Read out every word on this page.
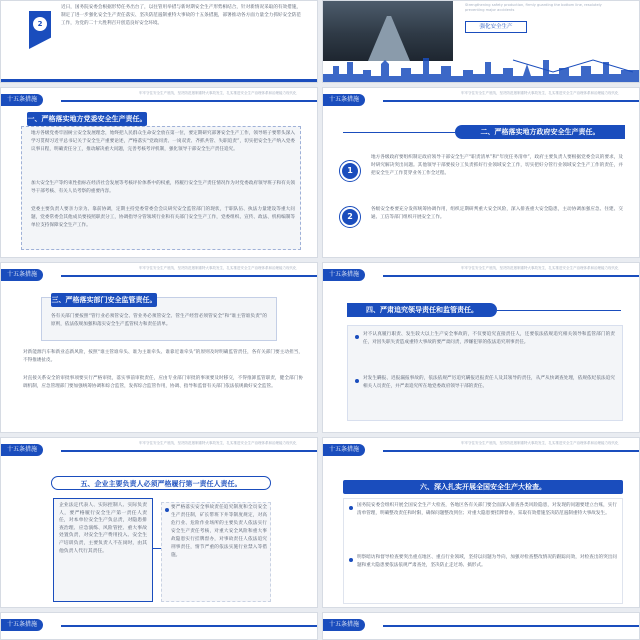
2

近日，国务院安委会根据形势任务出台了，以往管用举措与新时期安全生产形势相结合，针对新情况采取的有效措施，制定了进一步强化安全生产责任落实、坚决防范遏制重特大事故的十五条措施，部署推动各方面力量全力抓好安全防范工作，为党的二十大胜利召开创造良好安全环境。

Strengthening safety production, firmly guarding the bottom line, resolutely preventing major accidents

强化安全生产
十五条措施
牢牢守住安全生产底线，坚决防范遏制重特大事故发生，扎实推进安全生产治理体系和治理能力现代化
一、严格落实地方党委安全生产责任。

地方各级党委牢固树立安全发展理念，始终把人民群众生命安全放在第一位，要定期研究部署安全生产工作，领导班子要带头深入学习贯彻习近平总书记关于安全生产重要论述，严格落实“党政同责、一岗双责、齐抓共管、失职追责”，切实把安全生产纳入党委议事日程，明确责任分工，推动解决重大问题，完善考核考评机制，强化领导干部安全生产责任追究。

加大安全生产等约束性指标在经济社会发展等考核评价体系中的权重，将履行安全生产责任情况作为对党委政府领导班子和有关领导干部考核、有关人员考察的重要内容。

党委主要负责人要亲力亲为、靠前协调，定期主持党委常委会会议研究安全监管部门的现状，于职队伍、执法力量建设等重大问题，党委常委会其他成员要按照职责分工，协调指导分管领域行业和有关部门安全生产工作，党委组织、宣传、政法、机构编制等单位支持保障安全生产工作。

十五条措施
牢牢守住安全生产底线，坚决防范遏制重特大事故发生，扎实推进安全生产治理体系和治理能力现代化
二、严格落实地方政府安全生产责任。
1

地方各级政府要组织制定政府领导干部安全生产“职责清单”和“年度任务清单”，政府主要负责人要根据党委会议的要求，及时研究解决突出问题。其他领导干部要按分工负责抓好行业领域安全工作，切实把好分管行业领域安全生产工作的责任，并把安全生产工作贯穿业务工作全过程。

2

各级安全委要充分发挥统筹协调作用，组织定期研判重大安全风险，深入排查重大安全隐患，主动协调加强应急、住建、交通、工信等部门组织开展安全工作。

十五条措施
牢牢守住安全生产底线，坚决防范遏制重特大事故发生，扎实推进安全生产治理体系和治理能力现代化
三、严格落实部门安全监管责任。

各有关部门要按照“管行业必须管安全、管业务必须管安全、管生产经营必须管安全”和“谁主管谁负责”的原则，依法依规加强和落实安全生产监管权力和责任清单。

对新能源汽车和新业态新风险，按照“谁主管谁牵头、谁为主谁牵头、谁靠近谁牵头”的原则及时明确监管责任，各有关部门要主动担当，不得推诿扯皮。

对直接关系安全的审批事项要实行严格审批，落实事前审批责任，应由专业部门审批的事项要及时移交，不得推卸监管职责，健全部门协调机制，应急管理部门要加强统筹协调和综合监管，发挥综合监管作用，协调、指导和监督有关部门依法依规做好安全监管。

十五条措施
牢牢守住安全生产底线，坚决防范遏制重特大事故发生，扎实推进安全生产治理体系和治理能力现代化
四、严肃追究领导责任和监管责任。

对不认真履行职责、发生较大以上生产安全事故的，不仅要追究直接责任人，还要依法依规追究相关领导和监管部门的责任，对因失职失责造成重特大事故的要严肃问责，涉嫌犯罪的依法追究刑事责任。

对发生瞒报、迟报漏报事故的，依法依规严厉追究瞒报迟报责任人及其领导的责任，从严从快调查处理，依规依纪依法追究相关人员责任，并严肃追究所在地党委政府领导干部的责任。

十五条措施
牢牢守住安全生产底线，坚决防范遏制重特大事故发生，扎实推进安全生产治理体系和治理能力现代化
五、企业主要负责人必须严格履行第一责任人责任。

企业法定代表人、实际控制人、实际负责人，要严格履行安全生产第一责任人责任，对本单位安全生产负总责，对隐患排查治理、应急演练、风险管控、重大事故处置负责，对安全生产费用投入、安全生产培训负责，主要负责人不在岗时，由其他负责人代行其责任。

要严格落实安全事故责任追究制度和全员安全生产责任制，矿长带班下井等制度规定，对高危行业、危险作业场所的主要负责人依法实行安全生产责任考核，对重大安全风险和重大事故隐患实行挂牌督办，对事故责任人依法追究刑事责任，情节严重的依法实施行业禁入等措施。

十五条措施
牢牢守住安全生产底线，坚决防范遏制重特大事故发生，扎实推进安全生产治理体系和治理能力现代化
六、深入扎实开展全国安全生产大检查。

国务院安委会组织开展全国安全生产大检查，各地区各有关部门要全面深入排查各类风险隐患，对发现的问题要建立台账，实行清单管理，明确整改责任和时限，确保问题整改到位；对重大隐患要挂牌督办，采取有效措施坚决防范遏制重特大事故发生。

明察暗访和督导检查要突出重点地区、重点行业领域，坚持以问题为导向，加强对检查整改情况的跟踪问效，对检查出的突出问题和重大隐患要依法依规严肃查处，坚决防止走过场、搞形式。

十五条措施	十五条措施
